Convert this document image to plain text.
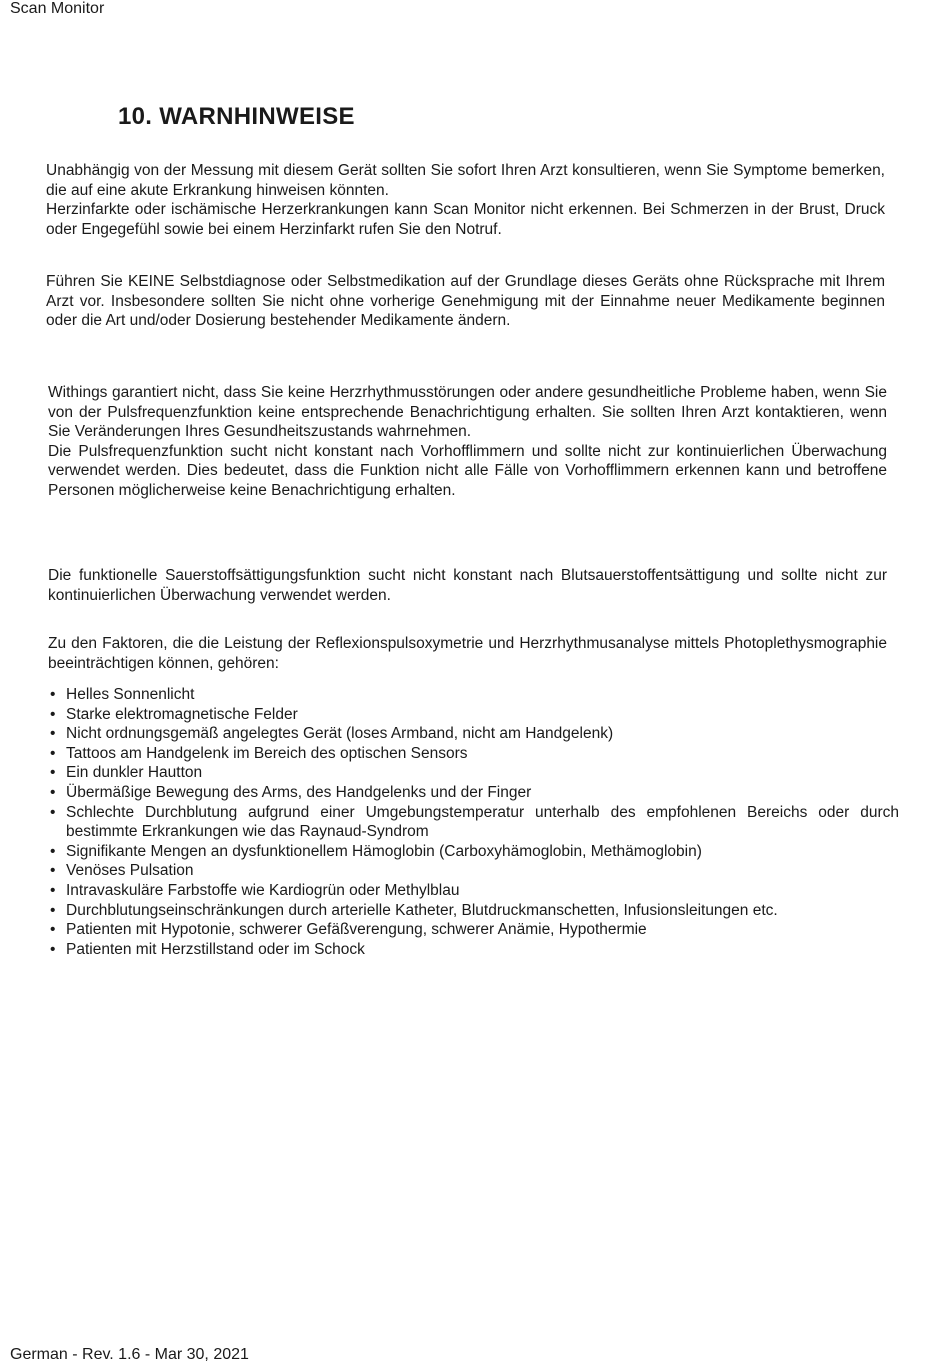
Scan Monitor
10. WARNHINWEISE
Unabhängig von der Messung mit diesem Gerät sollten Sie sofort Ihren Arzt konsultieren, wenn Sie Symptome bemerken, die auf eine akute Erkrankung hinweisen könnten.
Herzinfarkte oder ischämische Herzerkrankungen kann Scan Monitor nicht erkennen. Bei Schmerzen in der Brust, Druck oder Engegefühl sowie bei einem Herzinfarkt rufen Sie den Notruf.
Führen Sie KEINE Selbstdiagnose oder Selbstmedikation auf der Grundlage dieses Geräts ohne Rücksprache mit Ihrem Arzt vor. Insbesondere sollten Sie nicht ohne vorherige Genehmigung mit der Einnahme neuer Medikamente beginnen oder die Art und/oder Dosierung bestehender Medikamente ändern.
Withings garantiert nicht, dass Sie keine Herzrhythmusstörungen oder andere gesundheitliche Probleme haben, wenn Sie von der Pulsfrequenzfunktion keine entsprechende Benachrichtigung erhalten. Sie sollten Ihren Arzt kontaktieren, wenn Sie Veränderungen Ihres Gesundheitszustands wahrnehmen.
Die Pulsfrequenzfunktion sucht nicht konstant nach Vorhofflimmern und sollte nicht zur kontinuierlichen Überwachung verwendet werden. Dies bedeutet, dass die Funktion nicht alle Fälle von Vorhofflimmern erkennen kann und betroffene Personen möglicherweise keine Benachrichtigung erhalten.
Die funktionelle Sauerstoffsättigungsfunktion sucht nicht konstant nach Blutsauerstoffentsättigung und sollte nicht zur kontinuierlichen Überwachung verwendet werden.
Zu den Faktoren, die die Leistung der Reflexionspulsoxymetrie und Herzrhythmusanalyse mittels Photoplethysmographie beeinträchtigen können, gehören:
• Helles Sonnenlicht
• Starke elektromagnetische Felder
• Nicht ordnungsgemäß angelegtes Gerät (loses Armband, nicht am Handgelenk)
• Tattoos am Handgelenk im Bereich des optischen Sensors
• Ein dunkler Hautton
• Übermäßige Bewegung des Arms, des Handgelenks und der Finger
• Schlechte Durchblutung aufgrund einer Umgebungstemperatur unterhalb des empfohlenen Bereichs oder durch bestimmte Erkrankungen wie das Raynaud-Syndrom
• Signifikante Mengen an dysfunktionellem Hämoglobin (Carboxyhämoglobin, Methämoglobin)
• Venöses Pulsation
• Intravaskuläre Farbstoffe wie Kardiogrün oder Methylblau
• Durchblutungseinschränkungen durch arterielle Katheter, Blutdruckmanschetten, Infusionsleitungen etc.
• Patienten mit Hypotonie, schwerer Gefäßverengung, schwerer Anämie, Hypothermie
• Patienten mit Herzstillstand oder im Schock
German - Rev. 1.6 - Mar 30, 2021
